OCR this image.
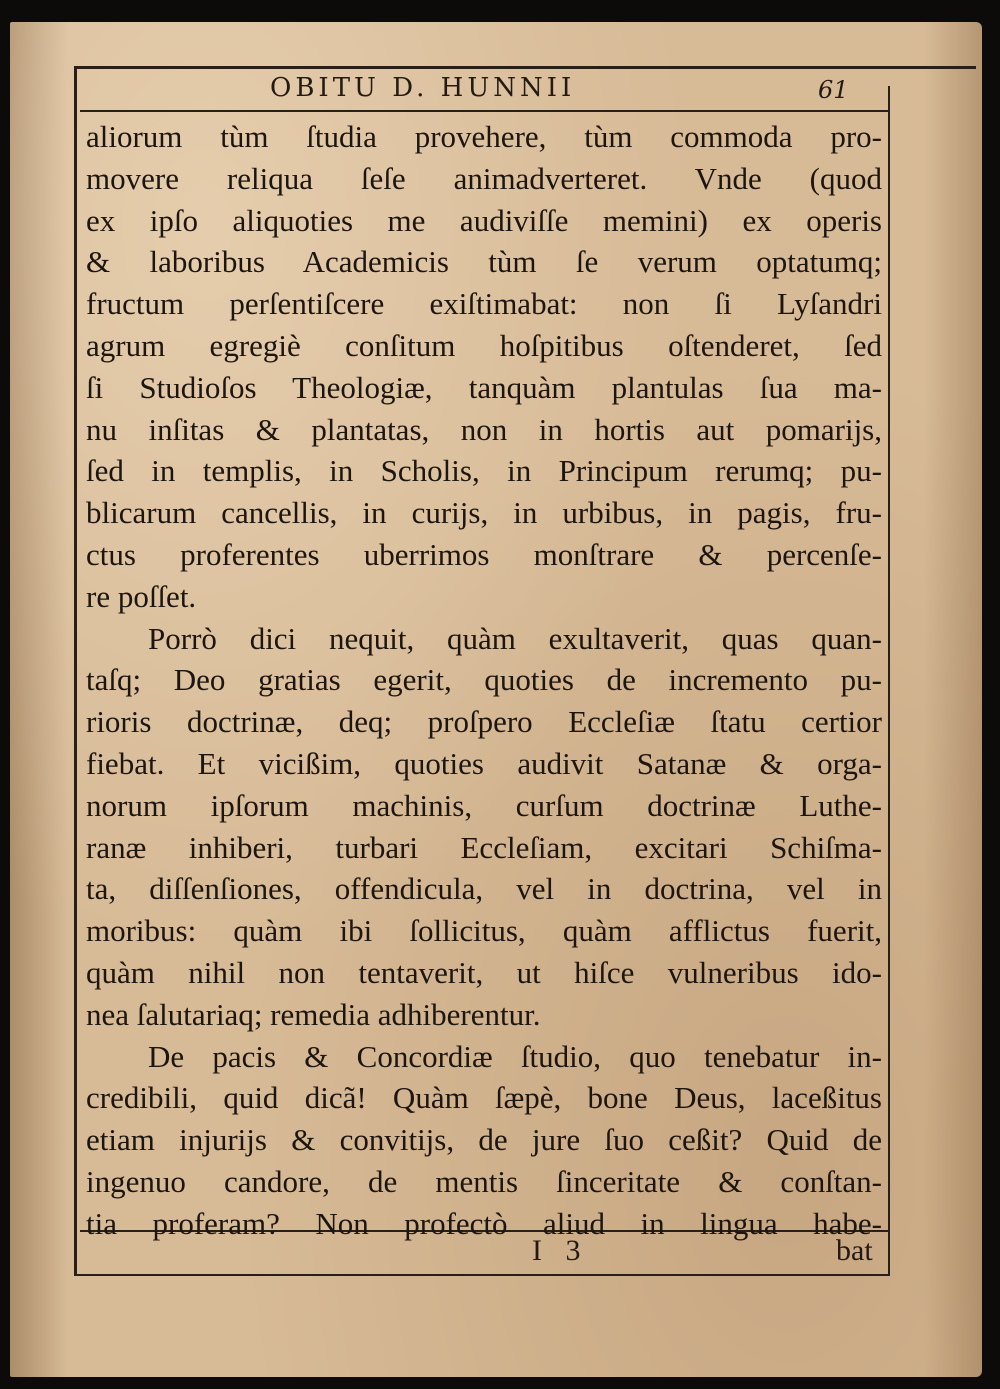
OBITU D. HUNNII	61
aliorum tùm ſtudia provehere, tùm commoda pro-
movere reliqua ſeſe animadverteret. Vnde (quod
ex ipſo aliquoties me audiviſſe memini) ex operis
& laboribus Academicis tùm ſe verum optatumq;
fructum perſentiſcere exiſtimabat: non ſi Lyſandri
agrum egregiè conſitum hoſpitibus oſtenderet, ſed
ſi Studioſos Theologiæ, tanquàm plantulas ſua ma-
nu inſitas & plantatas, non in hortis aut pomarijs,
ſed in templis, in Scholis, in Principum rerumq; pu-
blicarum cancellis, in curijs, in urbibus, in pagis, fru-
ctus proferentes uberrimos monſtrare & percenſe-
re poſſet.
Porrò dici nequit, quàm exultaverit, quas quan-
taſq; Deo gratias egerit, quoties de incremento pu-
rioris doctrinæ, deq; proſpero Eccleſiæ ſtatu certior
fiebat. Et vicißim, quoties audivit Satanæ & orga-
norum ipſorum machinis, curſum doctrinæ Luthe-
ranæ inhiberi, turbari Eccleſiam, excitari Schiſma-
ta, diſſenſiones, offendicula, vel in doctrina, vel in
moribus: quàm ibi ſollicitus, quàm afflictus fuerit,
quàm nihil non tentaverit, ut hiſce vulneribus ido-
nea ſalutariaq; remedia adhiberentur.
De pacis & Concordiæ ſtudio, quo tenebatur in-
credibili, quid dicã! Quàm ſæpè, bone Deus, laceßitus
etiam injurijs & convitijs, de jure ſuo ceßit? Quid de
ingenuo candore, de mentis ſinceritate & conſtan-
tia proferam? Non profectò aliud in lingua habe-
I 3	bat
